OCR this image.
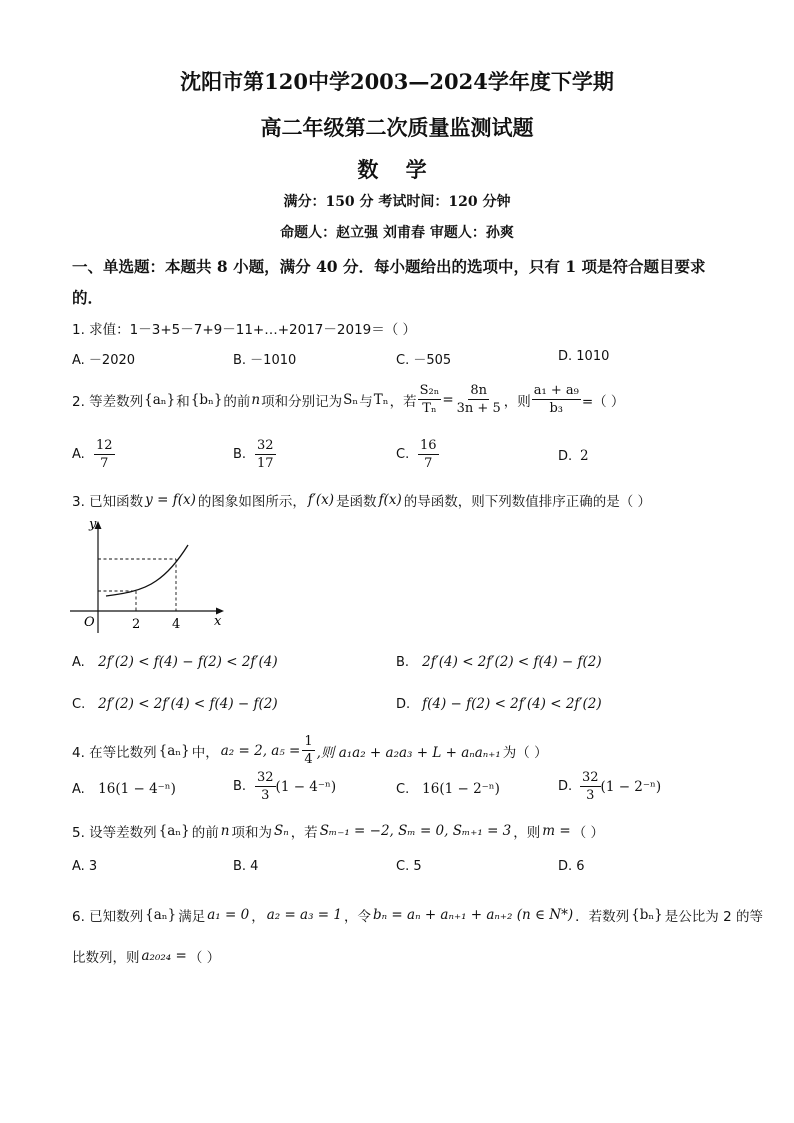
沈阳市第120中学2003—2024学年度下学期
高二年级第二次质量监测试题
数 学
满分：150 分 考试时间：120 分钟
命题人：赵立强 刘甫春 审题人：孙爽
一、单选题：本题共 8 小题，满分 40 分．每小题给出的选项中，只有 1 项是符合题目要求
的．
1. 求值：1－3+5－7+9－11+…+2017－2019＝（ ）
A. －2020	B. －1010	C. －505	D. 1010
2. 等差数列 {aₙ} 和 {bₙ} 的前 n 项和分别记为 Sₙ 与 Tₙ ，若 $\frac{\text{S₂ₙ}}{\text{Tₙ}} = \frac{8n}{3n + 5}$ ，则 $\frac{\text{a₁ + a₉}}{\text{b₃}}$ =（ ）
A. $\frac{12}{7}$	B. $\frac{32}{17}$	C. $\frac{16}{7}$	D. 2
3. 已知函数 y = f(x) 的图象如图所示， f′(x) 是函数 f(x) 的导函数，则下列数值排序正确的是（ ）
y
x
O	2 4
A. 2f′(2) < f(4) − f(2) < 2f′(4)	B. 2f′(4) < 2f′(2) < f(4) − f(2)
C. 2f′(2) < 2f′(4) < f(4) − f(2)	D. f(4) − f(2) < 2f′(4) < 2f′(2)
4. 在等比数列 {aₙ} 中， a₂ = 2, $a_5 = \frac{1}{4}$ ,则 a₁a₂ + a₂a₃ + L + aₙaₙ₊₁ 为（ ）
A. 16(1 − 4⁻ⁿ)	B. $\frac{32}{3} (1 - 4^{-n})$	C. 16(1 − 2⁻ⁿ)	D. $\frac{32}{3} (1 - 2^{-n})$
5. 设等差数列 {aₙ} 的前 n 项和为 Sₙ ，若 Sₘ₋₁ = −2, Sₘ = 0, Sₘ₊₁ = 3 ，则 m = （ ）
A. 3	B. 4	C. 5	D. 6
6. 已知数列 {aₙ} 满足 a₁ = 0 ， a₂ = a₃ = 1 ，令 bₙ = aₙ + aₙ₊₁ + aₙ₊₂ (n ∈ N*) ．若数列 {bₙ} 是公比为 2 的等
比数列，则 a₂₀₂₄ = （ ）
